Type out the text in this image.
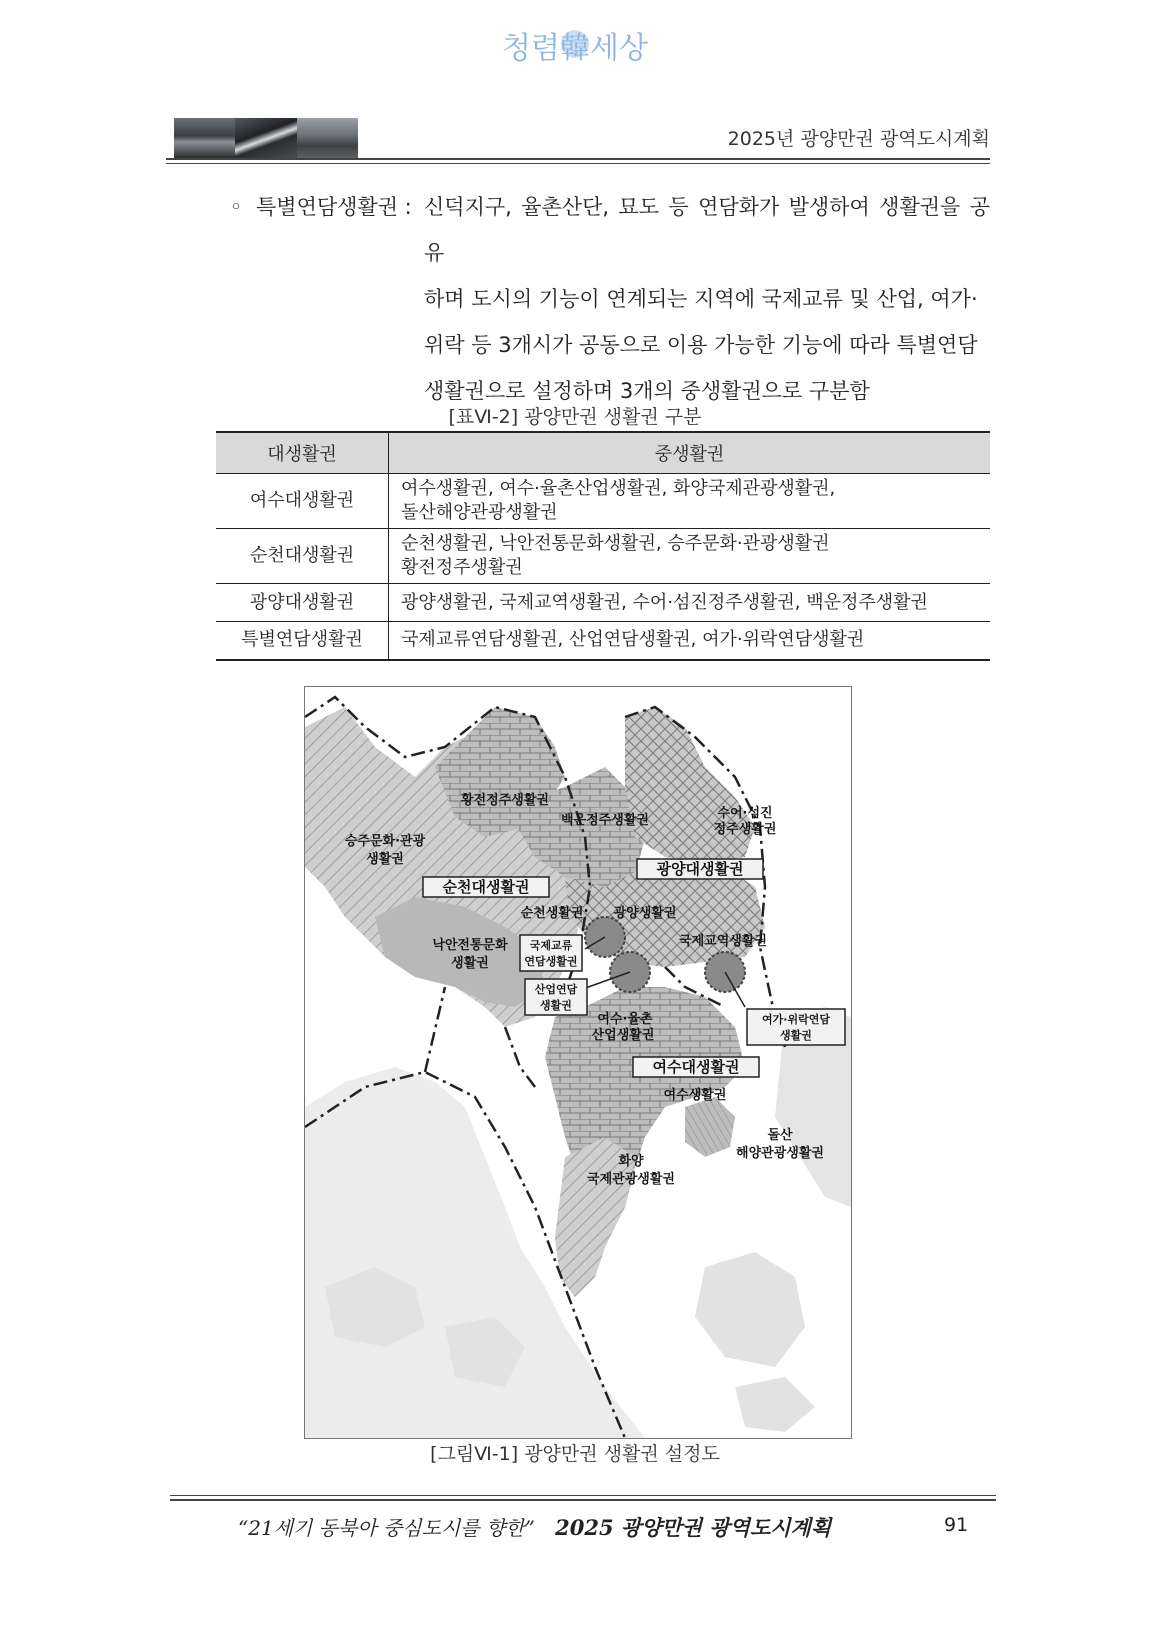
청렴韓세상
2025년 광양만권 광역도시계획
◦ 특별연담생활권 : 신덕지구, 율촌산단, 묘도 등 연담화가 발생하여 생활권을 공유
하며 도시의 기능이 연계되는 지역에 국제교류 및 산업, 여가·
위락 등 3개시가 공동으로 이용 가능한 기능에 따라 특별연담
생활권으로 설정하며 3개의 중생활권으로 구분함
[표Ⅵ-2] 광양만권 생활권 구분
대생활권	중생활권
여수대생활권	여수생활권, 여수·율촌산업생활권, 화양국제관광생활권,
돌산해양관광생활권

순천대생활권	순천생활권, 낙안전통문화생활권, 승주문화·관광생활권
황전정주생활권

광양대생활권	광양생활권, 국제교역생활권, 수어·섬진정주생활권, 백운정주생활권

특별연담생활권	국제교류연담생활권, 산업연담생활권, 여가·위락연담생활권
황전정주생활권
백운정주생활권	수어·섬진
정주생활권
승주문화·관광
생활권
순천대생활권
광양대생활권
순천생활권 광양생활권
국제교역생활권
낙안전통문화
생활권
국제교류
연담생활권
산업연담
생활권
여가·위락연담
생활권
여수·율촌
산업생활권
여수대생활권
여수생활권
돌산
해양관광생활권
화양
국제관광생활권
[그림Ⅵ-1] 광양만권 생활권 설정도
“21세기 동북아 중심도시를 향한” 2025 광양만권 광역도시계획	91
